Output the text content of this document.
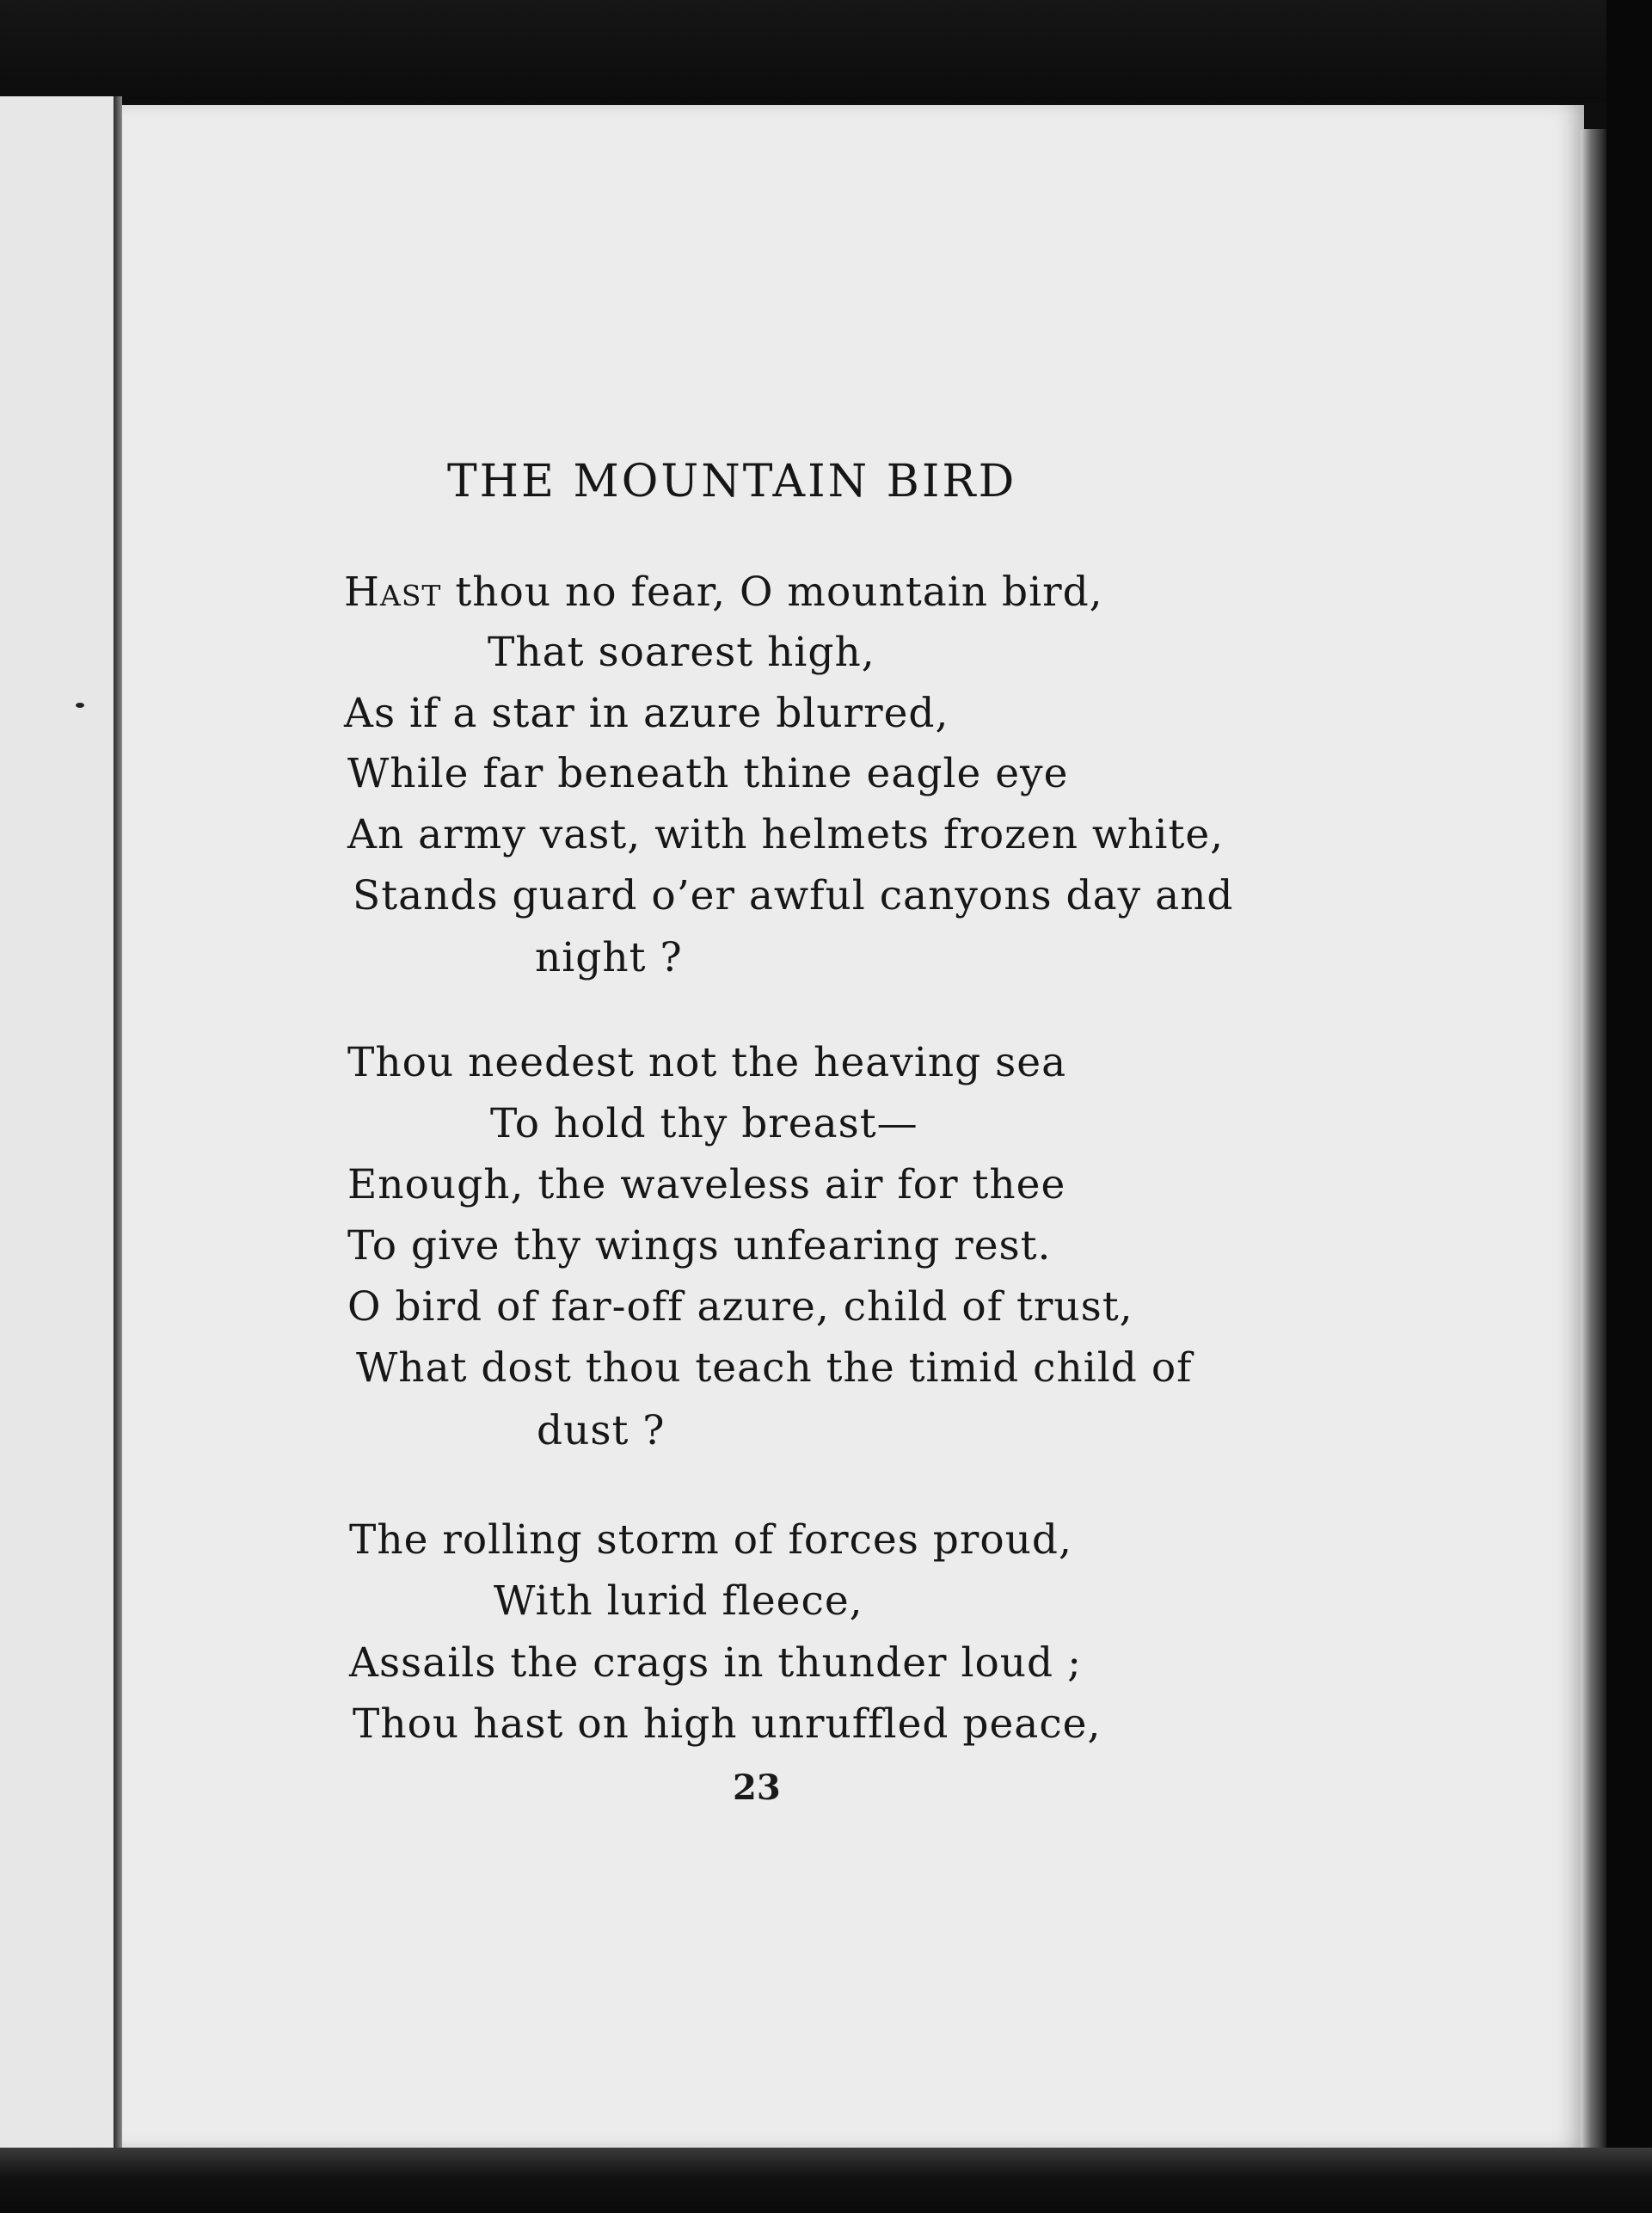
THE MOUNTAIN BIRD
Hast thou no fear, O mountain bird,
That soarest high,
As if a star in azure blurred,
While far beneath thine eagle eye
An army vast, with helmets frozen white,
Stands guard o’er awful canyons day and
night ?
Thou needest not the heaving sea
To hold thy breast—
Enough, the waveless air for thee
To give thy wings unfearing rest.
O bird of far-off azure, child of trust,
What dost thou teach the timid child of
dust ?
The rolling storm of forces proud,
With lurid fleece,
Assails the crags in thunder loud ;
Thou hast on high unruffled peace,
23
